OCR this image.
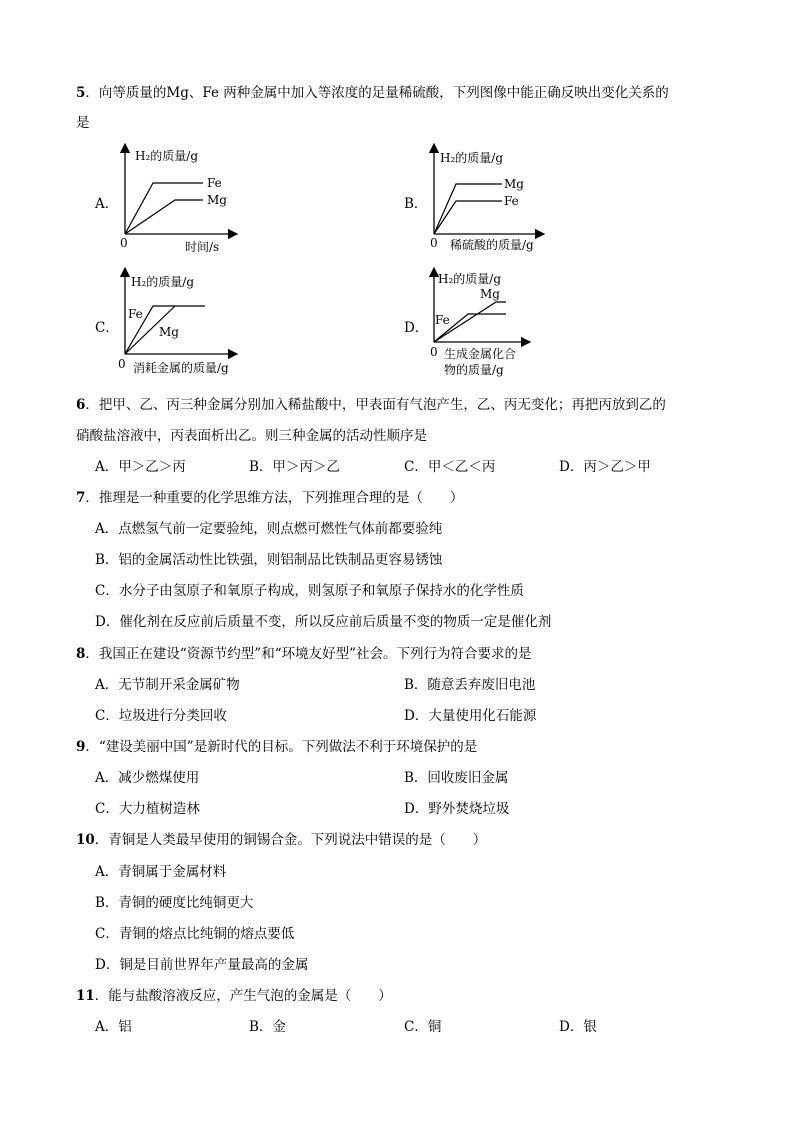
5．向等质量的Mg、Fe 两种金属中加入等浓度的足量稀硫酸，下列图像中能正确反映出变化关系的
是
A．
H₂的质量/g
0	时间/s
Fe
Mg	B．
H₂的质量/g
0 稀硫酸的质量/g
Mg
Fe
C．
H₂的质量/g
0 消耗金属的质量/g
Fe
Mg	D．
H₂的质量/g
0 生成金属化合
物的质量/g
Mg
Fe
6．把甲、乙、丙三种金属分别加入稀盐酸中，甲表面有气泡产生，乙、丙无变化；再把丙放到乙的
硝酸盐溶液中，丙表面析出乙。则三种金属的活动性顺序是
A．甲＞乙＞丙	B．甲＞丙＞乙	C．甲＜乙＜丙	D．丙＞乙＞甲
7．推理是一种重要的化学思维方法，下列推理合理的是（　　）
A．点燃氢气前一定要验纯，则点燃可燃性气体前都要验纯
B．铝的金属活动性比铁强，则铝制品比铁制品更容易锈蚀
C．水分子由氢原子和氧原子构成，则氢原子和氧原子保持水的化学性质
D．催化剂在反应前后质量不变，所以反应前后质量不变的物质一定是催化剂
8．我国正在建设“资源节约型”和“环境友好型”社会。下列行为符合要求的是
A．无节制开采金属矿物	B．随意丢弃废旧电池
C．垃圾进行分类回收	D．大量使用化石能源
9．“建设美丽中国”是新时代的目标。下列做法不利于环境保护的是
A．减少燃煤使用	B．回收废旧金属
C．大力植树造林	D．野外焚烧垃圾
10．青铜是人类最早使用的铜锡合金。下列说法中错误的是（　　）
A．青铜属于金属材料
B．青铜的硬度比纯铜更大
C．青铜的熔点比纯铜的熔点要低
D．铜是目前世界年产量最高的金属
11．能与盐酸溶液反应，产生气泡的金属是（　　）
A．铝	B．金	C．铜	D．银
